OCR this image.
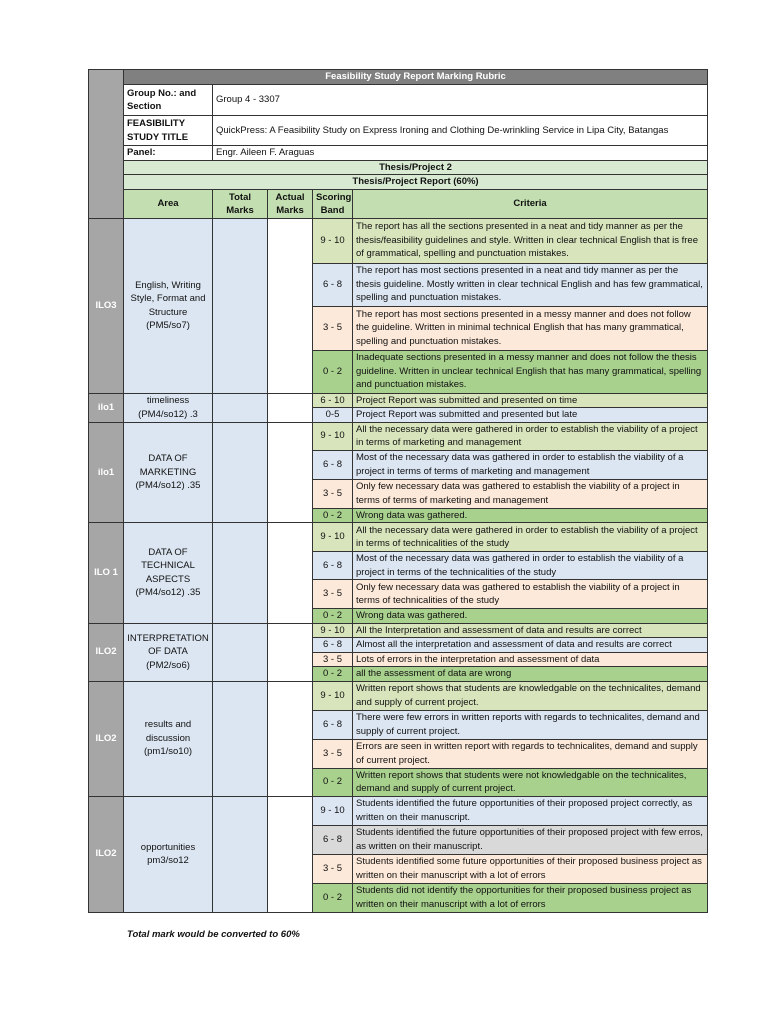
	Feasibility Study Report Marking Rubric				
	Group No.: and Section	Group 4 - 3307			
	FEASIBILITY STUDY TITLE	QuickPress: A Feasibility Study on Express Ironing and Clothing De-wrinkling Service in Lipa City, Batangas			
	Panel:	Engr. Aileen F. Araguas			
	Thesis/Project 2				
	Thesis/Project Report (60%)				
	Area	Total Marks	Actual Marks	Scoring Band	Criteria
ILO3	English, Writing Style, Format and Structure (PM5/so7)			9 - 10	The report has all the sections presented in a neat and tidy manner as per the thesis/feasibility guidelines and style. Written in clear technical English that is free of grammatical, spelling and punctuation mistakes.
				6 - 8	The report has most sections presented in a neat and tidy manner as per the thesis guideline. Mostly written in clear technical English and has few grammatical, spelling and punctuation mistakes.
				3 - 5	The report has most sections presented in a messy manner and does not follow the guideline. Written in minimal technical English that has many grammatical, spelling and punctuation mistakes.
				0 - 2	Inadequate sections presented in a messy manner and does not follow the thesis guideline. Written in unclear technical English that has many grammatical, spelling and punctuation mistakes.
ilo1	timeliness (PM4/so12) .3			6 - 10	Project Report was submitted and presented on time
				0-5	Project Report was submitted and presented but late
ilo1	DATA OF MARKETING (PM4/so12) .35			9 - 10	All the necessary data were gathered in order to establish the viability of a project in terms of marketing and management
				6 - 8	Most of the necessary data was gathered in order to establish the viability of a project in terms of terms of marketing and management
				3 - 5	Only few necessary data was gathered to establish the viability of a project in terms of terms of marketing and management
				0 - 2	Wrong data was gathered.
ILO 1	DATA OF TECHNICAL ASPECTS (PM4/so12) .35			9 - 10	All the necessary data were gathered in order to establish the viability of a project in terms of technicalities of the study
				6 - 8	Most of the necessary data was gathered in order to establish the viability of a project in terms of the technicalities of the study
				3 - 5	Only few necessary data was gathered to establish the viability of a project in terms of technicalities of the study
				0 - 2	Wrong data was gathered.
ILO2	INTERPRETATION OF DATA (PM2/so6)			9 - 10	All the Interpretation and assessment of data and results are correct
				6 - 8	Almost all the interpretation and assessment of data and results are correct
				3 - 5	Lots of errors in the interpretation and assessment of data
				0 - 2	all the assessment of data are wrong
ILO2	results and discussion (pm1/so10)			9 - 10	Written report shows that students are knowledgable on the technicalites, demand and supply of current project.
				6 - 8	There were few errors in written reports with regards to technicalites, demand and supply of current project.
				3 - 5	Errors are seen in written report with regards to technicalites, demand and supply of current project.
				0 - 2	Written report shows that students were not knowledgable on the technicalites, demand and supply of current project.
ILO2	opportunities pm3/so12			9 - 10	Students identified the future opportunities of their proposed project correctly, as written on their manuscript.
				6 - 8	Students identified the future opportunities of their proposed project with few erros, as written on their manuscript.
				3 - 5	Students identified some future opportunities of their proposed business project as written on their manuscript with a lot of errors
				0 - 2	Students did not identify the opportunities for their proposed business project as written on their manuscript with a lot of errors
Total mark would be converted to 60%
